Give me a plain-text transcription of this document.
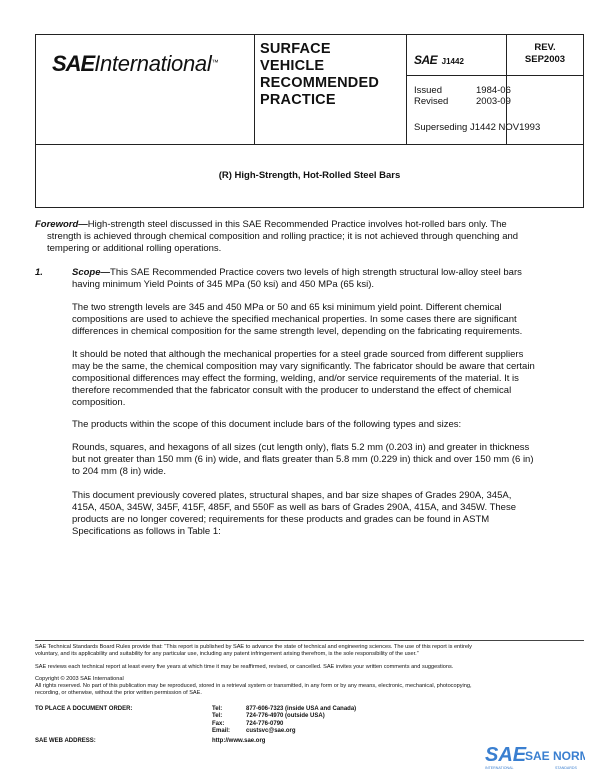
SAEInternational™
SURFACE
VEHICLE
RECOMMENDED
PRACTICE
SAE J1442
REV.
SEP2003
Issued	1984-06
Revised	2003-09
Superseding J1442 NOV1993
(R) High-Strength, Hot-Rolled Steel Bars
Foreword—High-strength steel discussed in this SAE Recommended Practice involves hot-rolled bars only. The
strength is achieved through chemical composition and rolling practice; it is not achieved through quenching and
tempering or additional rolling operations.
1.	Scope—This SAE Recommended Practice covers two levels of high strength structural low-alloy steel bars
having minimum Yield Points of 345 MPa (50 ksi) and 450 MPa (65 ksi).
The two strength levels are 345 and 450 MPa or 50 and 65 ksi minimum yield point. Different chemical
compositions are used to achieve the specified mechanical properties. In some cases there are significant
differences in chemical composition for the same strength level, depending on the fabricating requirements.
It should be noted that although the mechanical properties for a steel grade sourced from different suppliers
may be the same, the chemical composition may vary significantly. The fabricator should be aware that certain
compositional differences may effect the forming, welding, and/or service requirements of the material. It is
therefore recommended that the fabricator consult with the producer to understand the effect of chemical
composition.
The products within the scope of this document include bars of the following types and sizes:
Rounds, squares, and hexagons of all sizes (cut length only), flats 5.2 mm (0.203 in) and greater in thickness
but not greater than 150 mm (6 in) wide, and flats greater than 5.8 mm (0.229 in) thick and over 150 mm (6 in)
to 204 mm (8 in) wide.
This document previously covered plates, structural shapes, and bar size shapes of Grades 290A, 345A,
415A, 450A, 345W, 345F, 415F, 485F, and 550F as well as bars of Grades 290A, 415A, and 345W. These
products are no longer covered; requirements for these products and grades can be found in ASTM
Specifications as follows in Table 1:
SAE Technical Standards Board Rules provide that: “This report is published by SAE to advance the state of technical and engineering sciences. The use of this report is entirely
voluntary, and its applicability and suitability for any particular use, including any patent infringement arising therefrom, is the sole responsibility of the user.”
SAE reviews each technical report at least every five years at which time it may be reaffirmed, revised, or cancelled. SAE invites your written comments and suggestions.
Copyright © 2003 SAE International
All rights reserved. No part of this publication may be reproduced, stored in a retrieval system or transmitted, in any form or by any means, electronic, mechanical, photocopying,
recording, or otherwise, without the prior written permission of SAE.
TO PLACE A DOCUMENT ORDER:	Tel:	877-606-7323 (inside USA and Canada)
Tel:	724-776-4970 (outside USA)
Fax:	724-776-0790
Email:	custsvc@sae.org
SAE WEB ADDRESS:	http://www.sae.org
SAE
SAE NORM
INTERNATIONAL	STANDARDS
